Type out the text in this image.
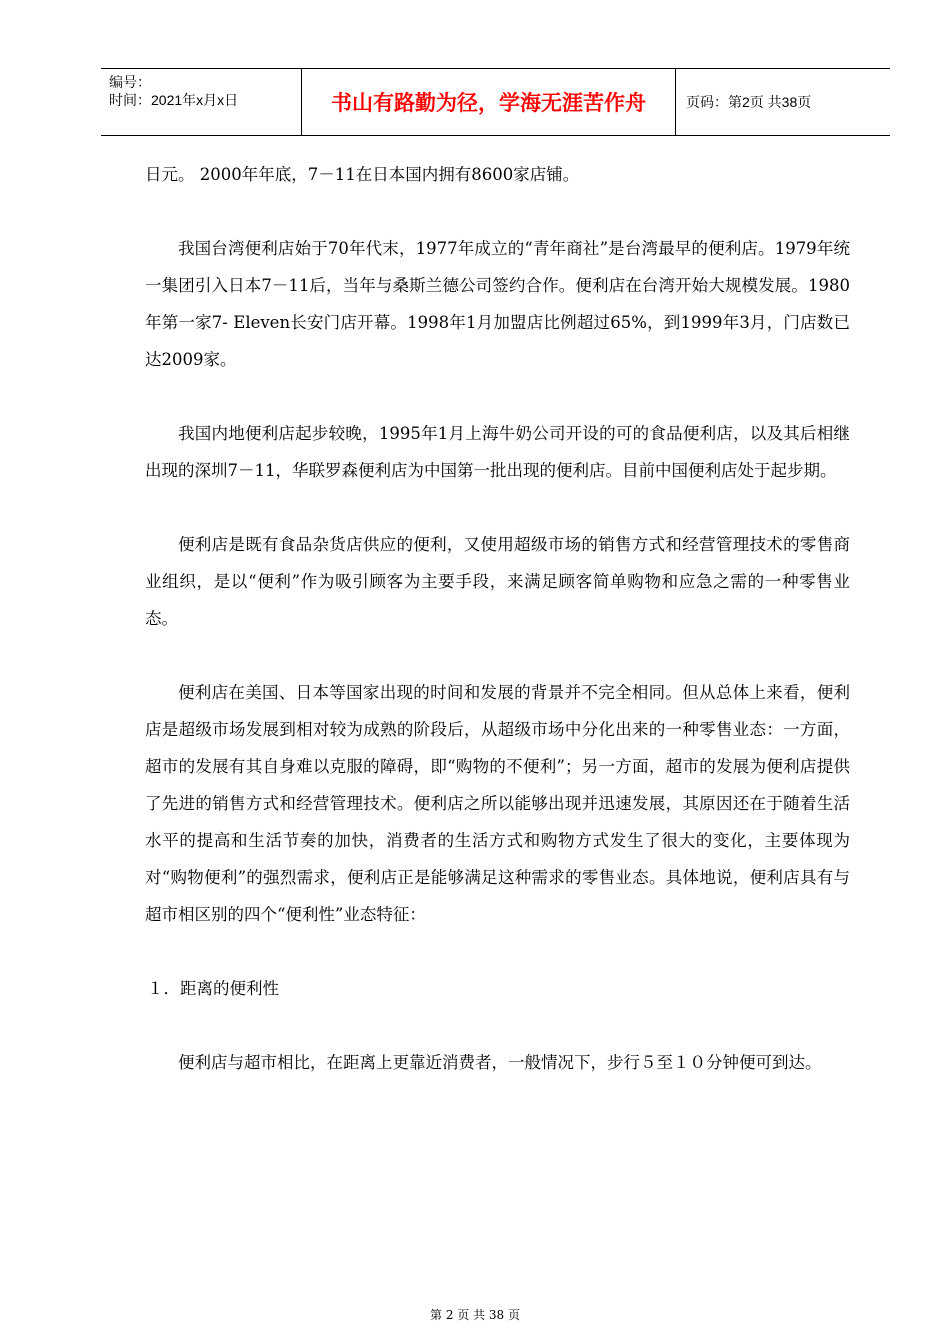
编号：
时间：2021年x月x日	书山有路勤为径，学海无涯苦作舟	页码：第2页 共38页

日元。 2000年年底，7－11在日本国内拥有8600家店铺。

我国台湾便利店始于70年代末，1977年成立的“青年商社”是台湾最早的便利店。1979年统一集团引入日本7－11后，当年与桑斯兰德公司签约合作。便利店在台湾开始大规模发展。1980年第一家7- Eleven长安门店开幕。1998年1月加盟店比例超过65%，到1999年3月，门店数已达2009家。

我国内地便利店起步较晚，1995年1月上海牛奶公司开设的可的食品便利店，以及其后相继出现的深圳7－11，华联罗森便利店为中国第一批出现的便利店。目前中国便利店处于起步期。

便利店是既有食品杂货店供应的便利，又使用超级市场的销售方式和经营管理技术的零售商业组织，是以“便利”作为吸引顾客为主要手段，来满足顾客简单购物和应急之需的一种零售业态。

便利店在美国、日本等国家出现的时间和发展的背景并不完全相同。但从总体上来看，便利店是超级市场发展到相对较为成熟的阶段后，从超级市场中分化出来的一种零售业态：一方面，超市的发展有其自身难以克服的障碍，即“购物的不便利”；另一方面，超市的发展为便利店提供了先进的销售方式和经营管理技术。便利店之所以能够出现并迅速发展，其原因还在于随着生活水平的提高和生活节奏的加快，消费者的生活方式和购物方式发生了很大的变化，主要体现为对“购物便利”的强烈需求，便利店正是能够满足这种需求的零售业态。具体地说，便利店具有与超市相区别的四个“便利性”业态特征：

１．距离的便利性

便利店与超市相比，在距离上更靠近消费者，一般情况下，步行５至１０分钟便可到达。

第 2 页 共 38 页
